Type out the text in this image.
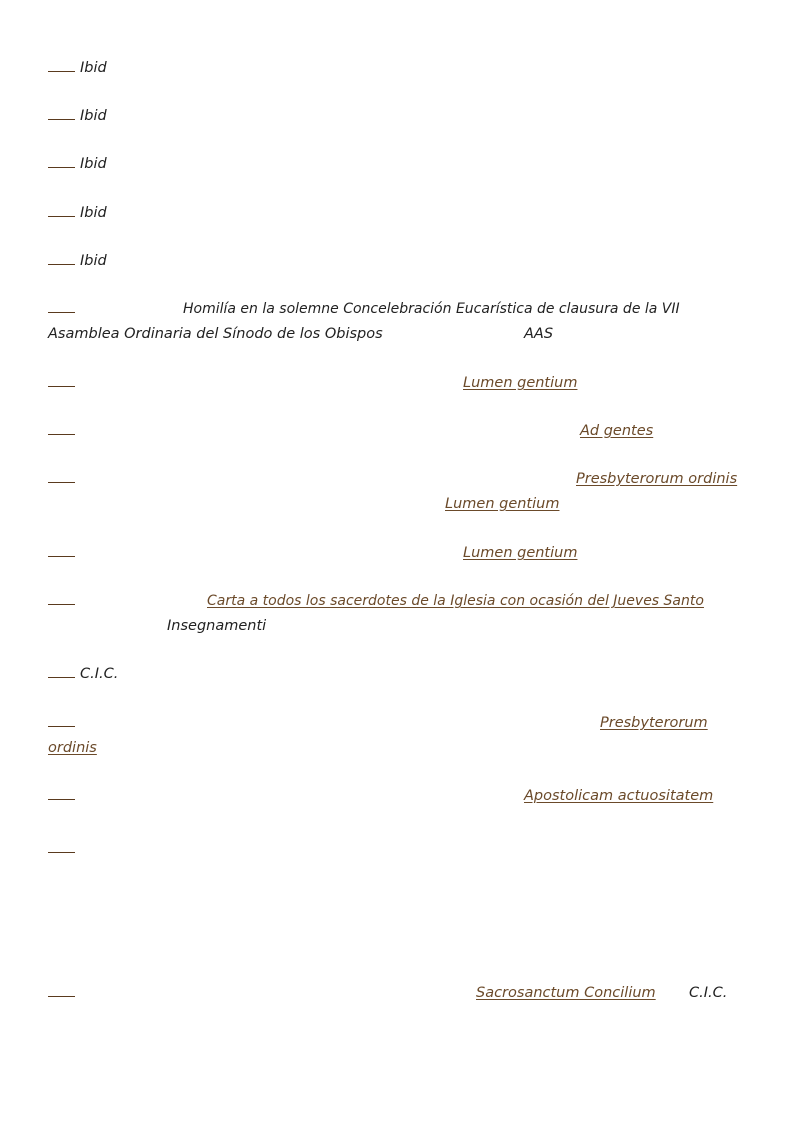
Ibid
Ibid
Ibid
Ibid
Ibid
Homilía en la solemne Concelebración Eucarística de clausura de la VII
Asamblea Ordinaria del Sínodo de los Obispos	AAS
Lumen gentium
Ad gentes
Presbyterorum ordinis
Lumen gentium
Lumen gentium
Carta a todos los sacerdotes de la Iglesia con ocasión del Jueves Santo
Insegnamenti
C.I.C.
Presbyterorum
ordinis
Apostolicam actuositatem
Sacrosanctum Concilium C.I.C.
